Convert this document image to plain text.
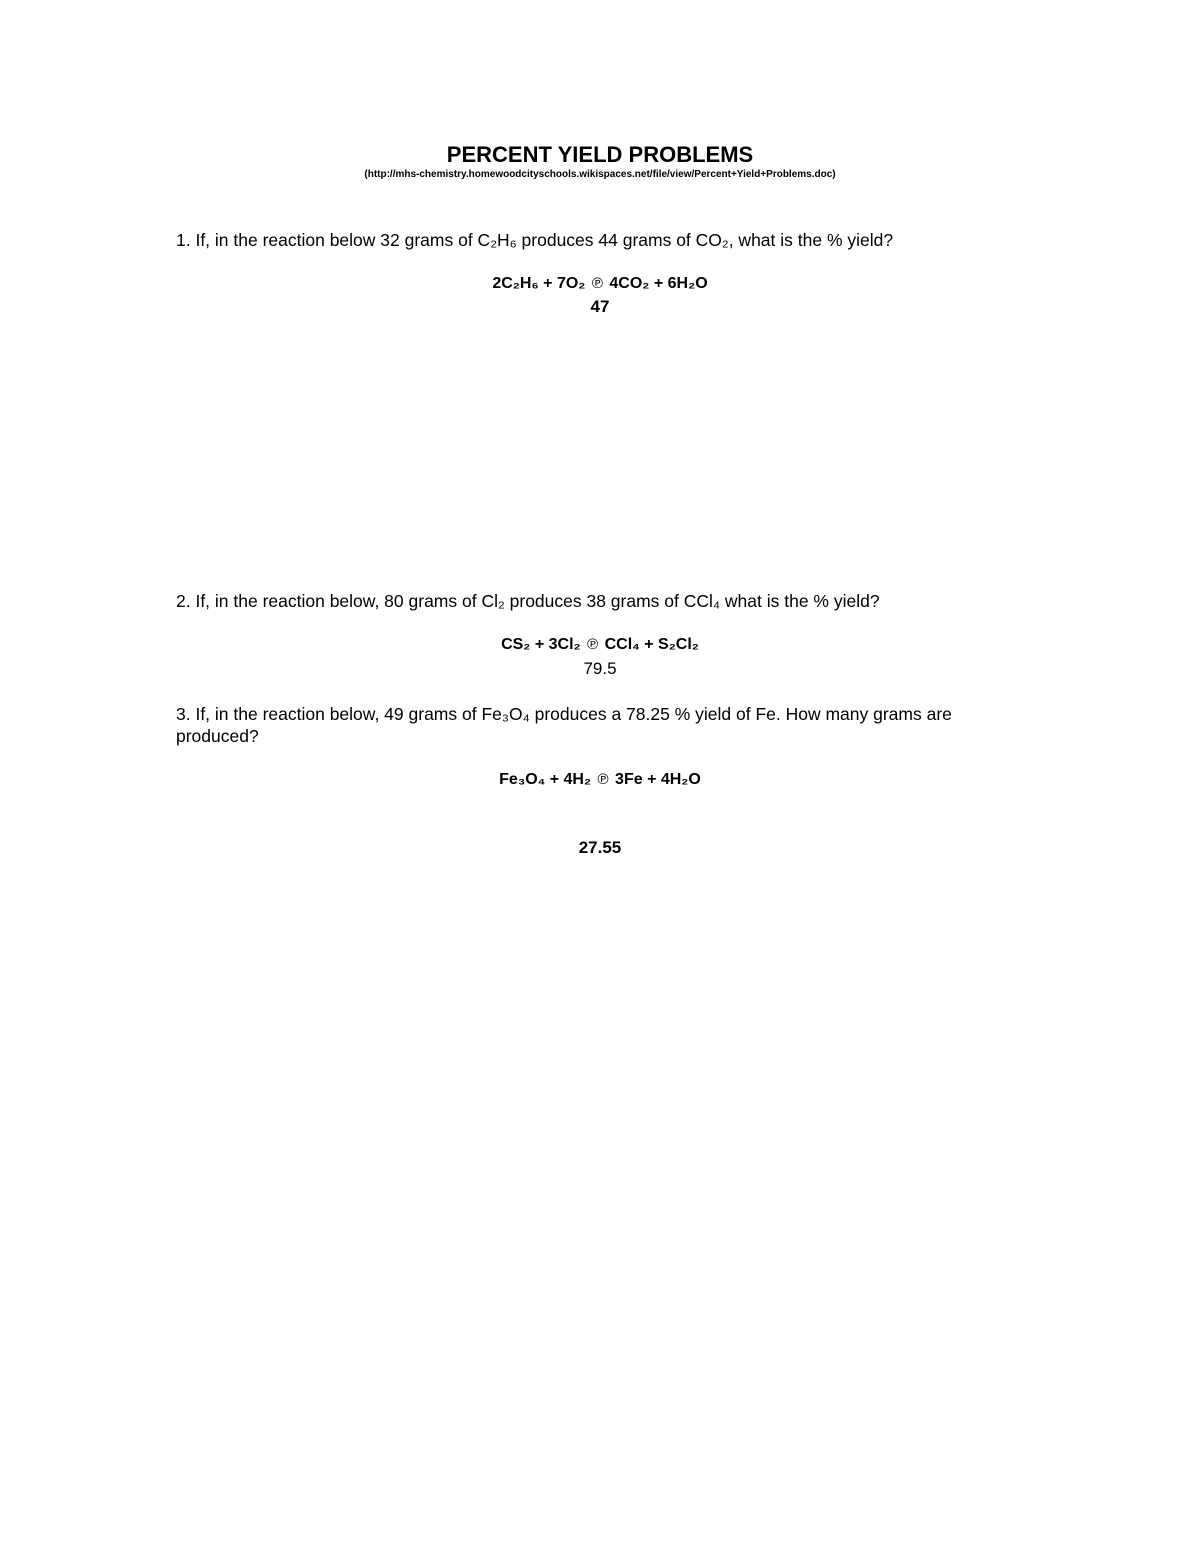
PERCENT YIELD PROBLEMS
(http://mhs-chemistry.homewoodcityschools.wikispaces.net/file/view/Percent+Yield+Problems.doc)
1. If, in the reaction below 32 grams of C₂H₆ produces 44 grams of CO₂, what is the % yield?
2C₂H₆ + 7O₂ ℗ 4CO₂ + 6H₂O
47
2. If, in the reaction below, 80 grams of Cl₂ produces 38 grams of CCl₄ what is the % yield?
CS₂ + 3Cl₂ ℗ CCl₄ + S₂Cl₂
79.5
3. If, in the reaction below, 49 grams of Fe₃O₄ produces a 78.25 % yield of Fe. How many grams are produced?
Fe₃O₄ + 4H₂ ℗ 3Fe + 4H₂O
27.55
